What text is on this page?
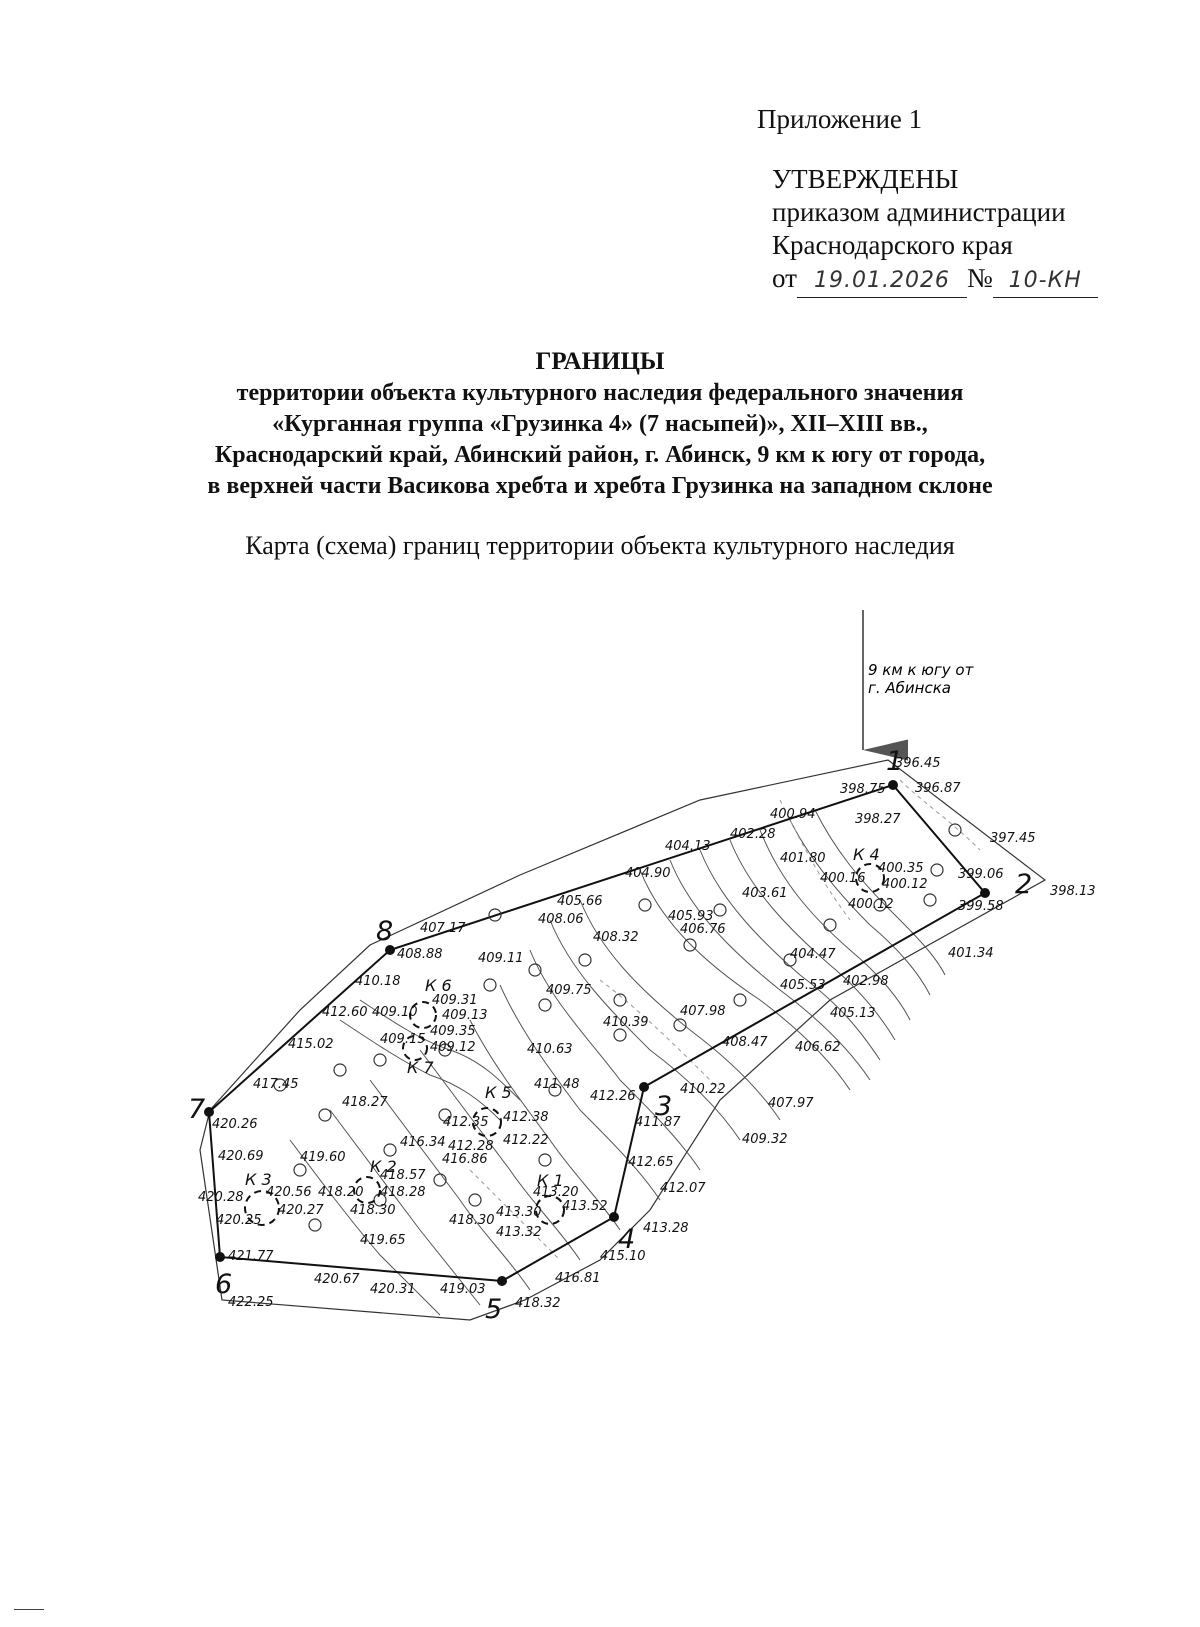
Приложение 1
УТВЕРЖДЕНЫ
приказом администрации
Краснодарского края
от 19.01.2026 № 10-КН
ГРАНИЦЫ
территории объекта культурного наследия федерального значения
«Курганная группа «Грузинка 4» (7 насыпей)», XII–XIII вв.,
Краснодарский край, Абинский район, г. Абинск, 9 км к югу от города,
в верхней части Васикова хребта и хребта Грузинка на западном склоне
Карта (схема) границ территории объекта культурного наследия
9 км к югу от
г. Абинска
1
2
3
4
5
6
7
8
К 4
К 6
К 7
К 5
К 2
К 1
К 3
396.45
396.87
398.75
398.27
397.45
400.94
402.28
401.80
400.16
400.35
400.12
400.12
399.06
398.13
399.58
404.13
404.90
403.61
405.66
405.93
404.47	401.34
402.98
407.17
408.06
408.32
406.76
405.53
405.13
408.88	409.11
410.18
409.75
407.98
406.62
412.60 409.10 409.13
409.31
409.35
409.15
409.12
410.39
408.47
415.02	410.63
411.48
412.26	410.22
407.97
417.45
418.27
412.35 412.38
412.22
412.28
411.87
409.32
420.26
416.34
416.86	412.65
412.07
419.60
418.57
418.28
418.20
418.30
413.20
413.52
413.30
413.32	413.28
420.69
420.56
420.27
420.28
420.25	418.30
419.65
415.10
421.77
420.67
420.31 419.03
416.81
422.25	418.32
